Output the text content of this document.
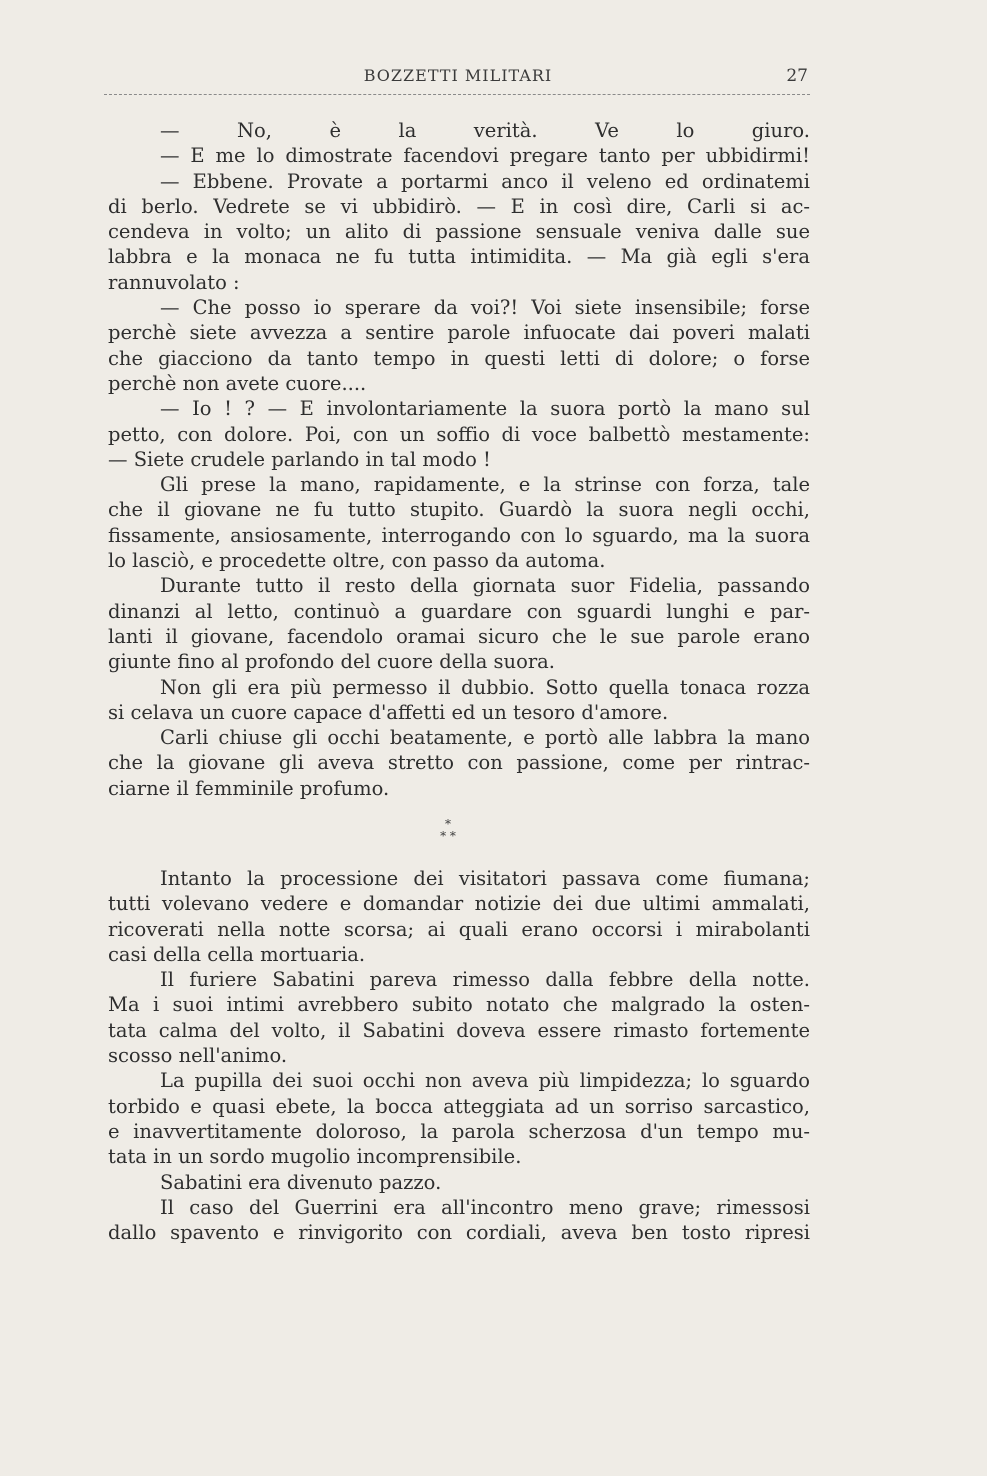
BOZZETTI MILITARI	27
— No, è la verità. Ve lo giuro.
— E me lo dimostrate facendovi pregare tanto per ubbidirmi!
— Ebbene. Provate a portarmi anco il veleno ed ordinatemi
di berlo. Vedrete se vi ubbidirò. — E in così dire, Carli si ac-
cendeva in volto; un alito di passione sensuale veniva dalle sue
labbra e la monaca ne fu tutta intimidita. — Ma già egli s'era
rannuvolato :
— Che posso io sperare da voi?! Voi siete insensibile; forse
perchè siete avvezza a sentire parole infuocate dai poveri malati
che giacciono da tanto tempo in questi letti di dolore; o forse
perchè non avete cuore....
— Io ! ? — E involontariamente la suora portò la mano sul
petto, con dolore. Poi, con un soffio di voce balbettò mestamente:
— Siete crudele parlando in tal modo !
Gli prese la mano, rapidamente, e la strinse con forza, tale
che il giovane ne fu tutto stupito. Guardò la suora negli occhi,
fissamente, ansiosamente, interrogando con lo sguardo, ma la suora
lo lasciò, e procedette oltre, con passo da automa.
Durante tutto il resto della giornata suor Fidelia, passando
dinanzi al letto, continuò a guardare con sguardi lunghi e par-
lanti il giovane, facendolo oramai sicuro che le sue parole erano
giunte fino al profondo del cuore della suora.
Non gli era più permesso il dubbio. Sotto quella tonaca rozza
si celava un cuore capace d'affetti ed un tesoro d'amore.
Carli chiuse gli occhi beatamente, e portò alle labbra la mano
che la giovane gli aveva stretto con passione, come per rintrac-
ciarne il femminile profumo.
*
* *
Intanto la processione dei visitatori passava come fiumana;
tutti volevano vedere e domandar notizie dei due ultimi ammalati,
ricoverati nella notte scorsa; ai quali erano occorsi i mirabolanti
casi della cella mortuaria.
Il furiere Sabatini pareva rimesso dalla febbre della notte.
Ma i suoi intimi avrebbero subito notato che malgrado la osten-
tata calma del volto, il Sabatini doveva essere rimasto fortemente
scosso nell'animo.
La pupilla dei suoi occhi non aveva più limpidezza; lo sguardo
torbido e quasi ebete, la bocca atteggiata ad un sorriso sarcastico,
e inavvertitamente doloroso, la parola scherzosa d'un tempo mu-
tata in un sordo mugolio incomprensibile.
Sabatini era divenuto pazzo.
Il caso del Guerrini era all'incontro meno grave; rimessosi
dallo spavento e rinvigorito con cordiali, aveva ben tosto ripresi
